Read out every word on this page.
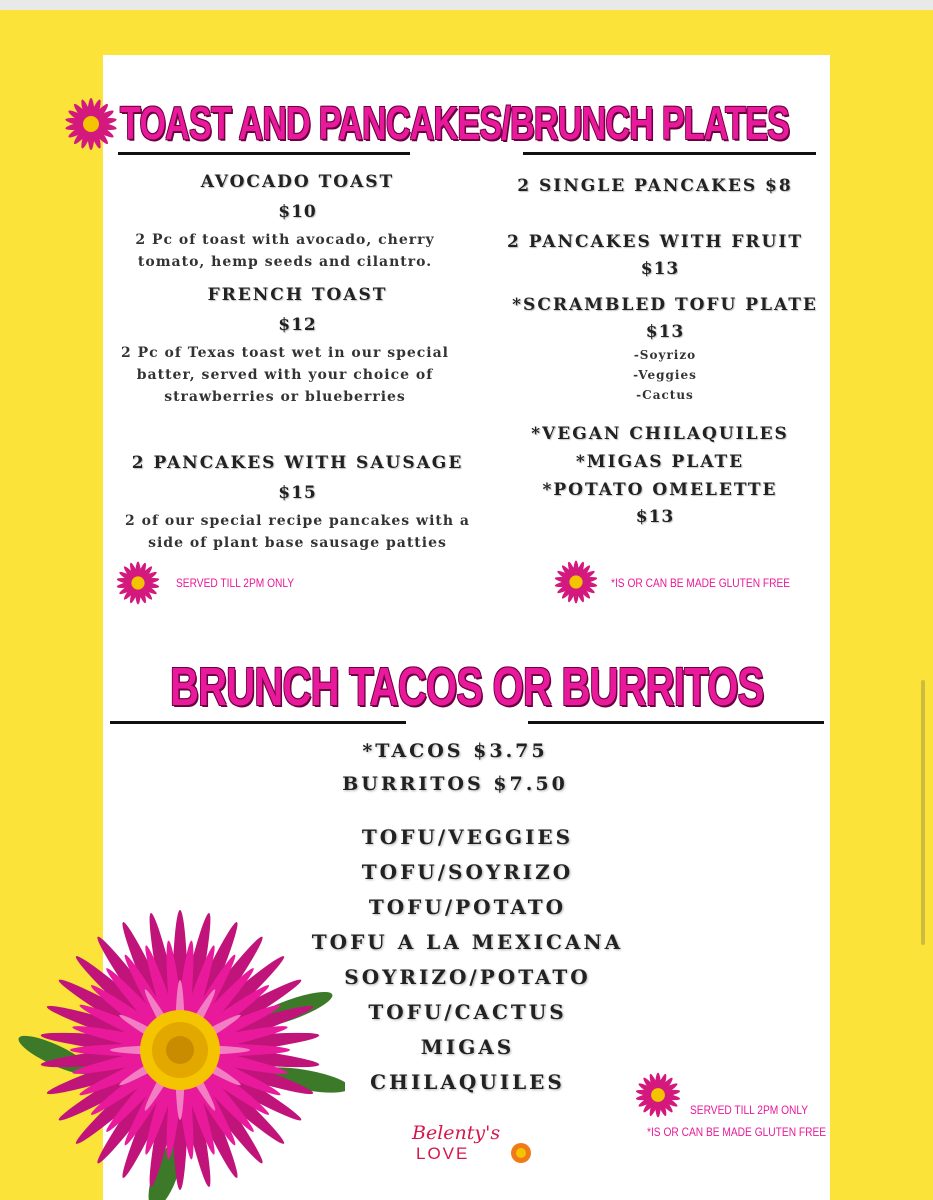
TOAST AND PANCAKES/BRUNCH PLATES
AVOCADO TOAST
$10
2 Pc of toast with avocado, cherry tomato, hemp seeds and cilantro.
FRENCH TOAST
$12
2 Pc of Texas toast wet in our special batter, served with your choice of strawberries or blueberries
2 PANCAKES WITH SAUSAGE
$15
2 of our special recipe pancakes with a side of plant base sausage patties
SERVED TILL 2PM ONLY
2 SINGLE PANCAKES $8
2 PANCAKES WITH FRUIT
$13
*SCRAMBLED TOFU PLATE
$13
-Soyrizo
-Veggies
-Cactus
*VEGAN CHILAQUILES
*MIGAS PLATE
*POTATO OMELETTE
$13
*IS OR CAN BE MADE GLUTEN FREE
BRUNCH TACOS OR BURRITOS
*TACOS $3.75
BURRITOS $7.50
TOFU/VEGGIES
TOFU/SOYRIZO
TOFU/POTATO
TOFU A LA MEXICANA
SOYRIZO/POTATO
TOFU/CACTUS
MIGAS
CHILAQUILES
SERVED TILL 2PM ONLY
*IS OR CAN BE MADE GLUTEN FREE
Belenty's
LOVE
